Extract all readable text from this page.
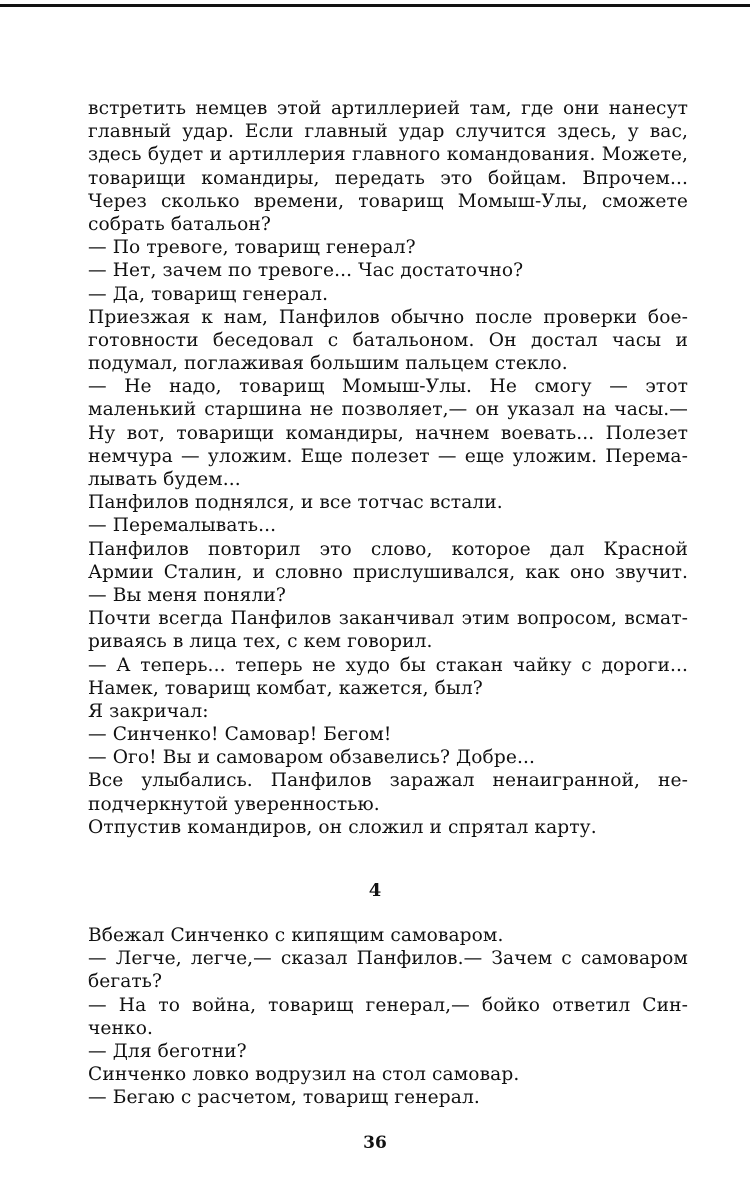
встретить немцев этой артиллерией там, где они нанесут
главный удар. Если главный удар случится здесь, у вас,
здесь будет и артиллерия главного командования. Можете,
товарищи командиры, передать это бойцам. Впрочем...
Через сколько времени, товарищ Момыш-Улы, сможете
собрать батальон?
— По тревоге, товарищ генерал?
— Нет, зачем по тревоге... Час достаточно?
— Да, товарищ генерал.
Приезжая к нам, Панфилов обычно после проверки бое-
готовности беседовал с батальоном. Он достал часы и
подумал, поглаживая большим пальцем стекло.
— Не надо, товарищ Момыш-Улы. Не смогу — этот
маленький старшина не позволяет,— он указал на часы.—
Ну вот, товарищи командиры, начнем воевать... Полезет
немчура — уложим. Еще полезет — еще уложим. Перема-
лывать будем...
Панфилов поднялся, и все тотчас встали.
— Перемалывать...
Панфилов повторил это слово, которое дал Красной
Армии Сталин, и словно прислушивался, как оно звучит.
— Вы меня поняли?
Почти всегда Панфилов заканчивал этим вопросом, всмат-
риваясь в лица тех, с кем говорил.
— А теперь... теперь не худо бы стакан чайку с дороги...
Намек, товарищ комбат, кажется, был?
Я закричал:
— Синченко! Самовар! Бегом!
— Ого! Вы и самоваром обзавелись? Добре...
Все улыбались. Панфилов заражал ненаигранной, не-
подчеркнутой уверенностью.
Отпустив командиров, он сложил и спрятал карту.
4
Вбежал Синченко с кипящим самоваром.
— Легче, легче,— сказал Панфилов.— Зачем с самоваром
бегать?
— На то война, товарищ генерал,— бойко ответил Син-
ченко.
— Для беготни?
Синченко ловко водрузил на стол самовар.
— Бегаю с расчетом, товарищ генерал.
36
